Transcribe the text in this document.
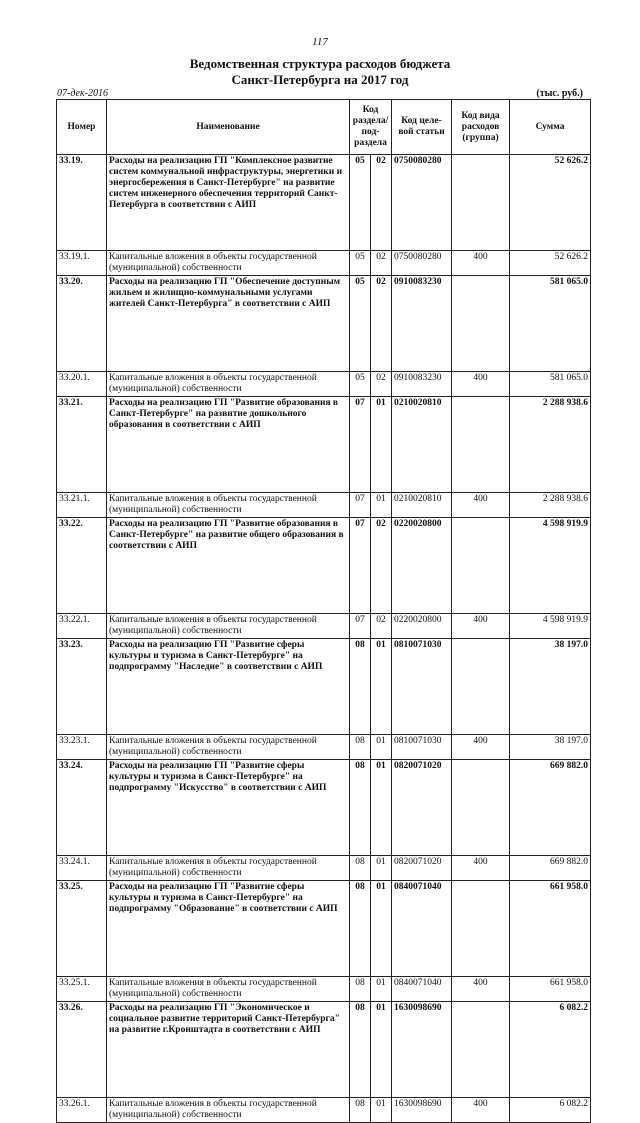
117
Ведомственная структура расходов бюджета
Санкт-Петербурга на 2017 год
07-дек-2016	(тыс. руб.)
Номер	Наименование	Код раздела/ под- раздела		Код целе- вой статьи	Код вида расходов (группа)	Сумма
33.19.	Расходы на реализацию ГП "Комплексное развитие систем коммунальной инфраструктуры, энергетики и энергосбережения в Санкт-Петербурге" на развитие систем инженерного обеспечения территорий Санкт-Петербурга в соответствии с АИП	05	02	0750080280		52 626.2
33.19.1.	Капитальные вложения в объекты государственной (муниципальной) собственности	05	02	0750080280	400	52 626.2
33.20.	Расходы на реализацию ГП "Обеспечение доступным жильем и жилищно-коммунальными услугами жителей Санкт-Петербурга" в соответствии с АИП	05	02	0910083230		581 065.0
33.20.1.	Капитальные вложения в объекты государственной (муниципальной) собственности	05	02	0910083230	400	581 065.0
33.21.	Расходы на реализацию ГП "Развитие образования в Санкт-Петербурге" на развитие дошкольного образования в соответствии с АИП	07	01	0210020810		2 288 938.6
33.21.1.	Капитальные вложения в объекты государственной (муниципальной) собственности	07	01	0210020810	400	2 288 938.6
33.22.	Расходы на реализацию ГП "Развитие образования в Санкт-Петербурге" на развитие общего образования в соответствии с АИП	07	02	0220020800		4 598 919.9
33.22.1.	Капитальные вложения в объекты государственной (муниципальной) собственности	07	02	0220020800	400	4 598 919.9
33.23.	Расходы на реализацию ГП "Развитие сферы культуры и туризма в Санкт-Петербурге" на подпрограмму "Наследие" в соответствии с АИП	08	01	0810071030		38 197.0
33.23.1.	Капитальные вложения в объекты государственной (муниципальной) собственности	08	01	0810071030	400	38 197.0
33.24.	Расходы на реализацию ГП "Развитие сферы культуры и туризма в Санкт-Петербурге" на подпрограмму "Искусство" в соответствии с АИП	08	01	0820071020		669 882.0
33.24.1.	Капитальные вложения в объекты государственной (муниципальной) собственности	08	01	0820071020	400	669 882.0
33.25.	Расходы на реализацию ГП "Развитие сферы культуры и туризма в Санкт-Петербурге" на подпрограмму "Образование" в соответствии с АИП	08	01	0840071040		661 958.0
33.25.1.	Капитальные вложения в объекты государственной (муниципальной) собственности	08	01	0840071040	400	661 958.0
33.26.	Расходы на реализацию ГП "Экономическое и социальное развитие территорий Санкт-Петербурга" на развитие г.Кронштадта в соответствии с АИП	08	01	1630098690		6 082.2
33.26.1.	Капитальные вложения в объекты государственной (муниципальной) собственности	08	01	1630098690	400	6 082.2
